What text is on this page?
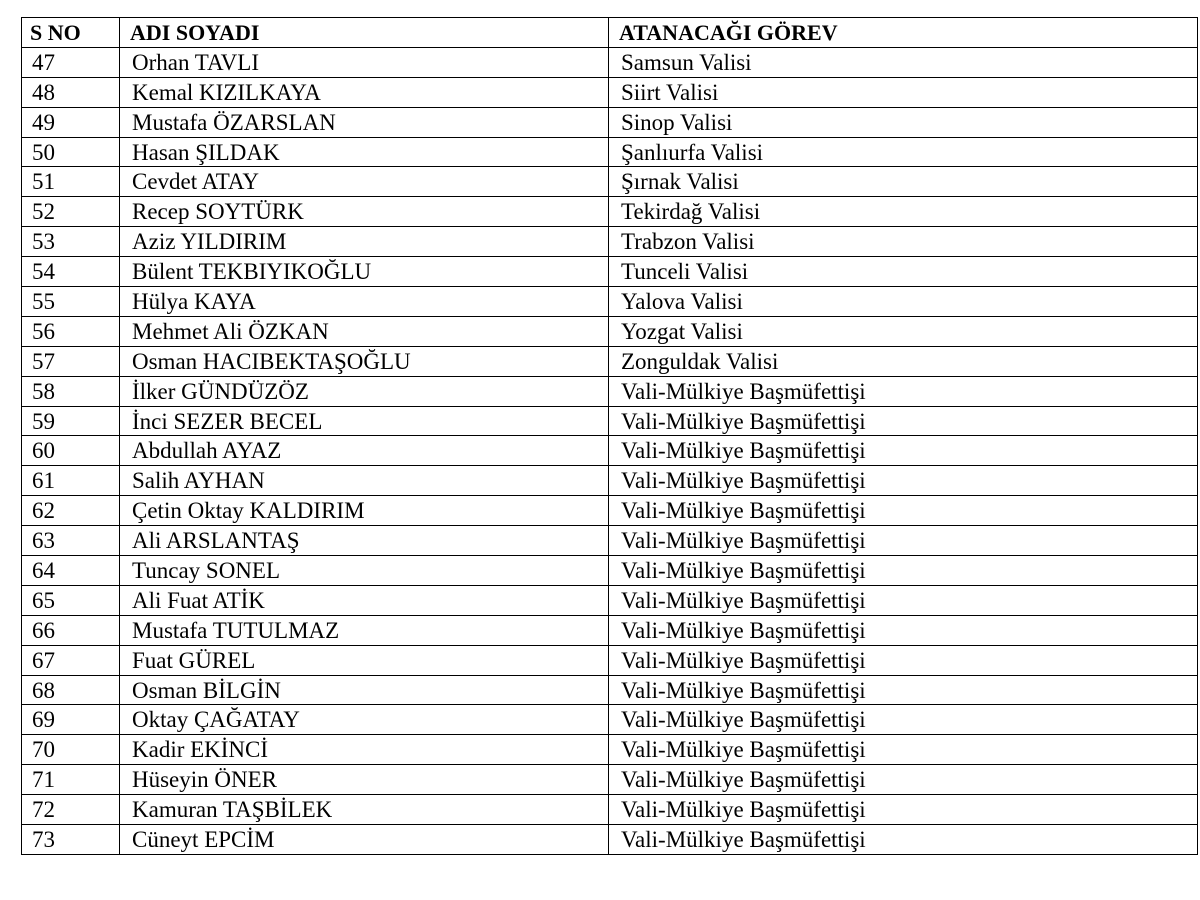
S NO	ADI SOYADI	ATANACAĞI GÖREV
47	Orhan TAVLI	Samsun Valisi
48	Kemal KIZILKAYA	Siirt Valisi
49	Mustafa ÖZARSLAN	Sinop Valisi
50	Hasan ŞILDAK	Şanlıurfa Valisi
51	Cevdet ATAY	Şırnak Valisi
52	Recep SOYTÜRK	Tekirdağ Valisi
53	Aziz YILDIRIM	Trabzon Valisi
54	Bülent TEKBIYIKOĞLU	Tunceli Valisi
55	Hülya KAYA	Yalova Valisi
56	Mehmet Ali ÖZKAN	Yozgat Valisi
57	Osman HACIBEKTAŞOĞLU	Zonguldak Valisi
58	İlker GÜNDÜZÖZ	Vali-Mülkiye Başmüfettişi
59	İnci SEZER BECEL	Vali-Mülkiye Başmüfettişi
60	Abdullah AYAZ	Vali-Mülkiye Başmüfettişi
61	Salih AYHAN	Vali-Mülkiye Başmüfettişi
62	Çetin Oktay KALDIRIM	Vali-Mülkiye Başmüfettişi
63	Ali ARSLANTAŞ	Vali-Mülkiye Başmüfettişi
64	Tuncay SONEL	Vali-Mülkiye Başmüfettişi
65	Ali Fuat ATİK	Vali-Mülkiye Başmüfettişi
66	Mustafa TUTULMAZ	Vali-Mülkiye Başmüfettişi
67	Fuat GÜREL	Vali-Mülkiye Başmüfettişi
68	Osman BİLGİN	Vali-Mülkiye Başmüfettişi
69	Oktay ÇAĞATAY	Vali-Mülkiye Başmüfettişi
70	Kadir EKİNCİ	Vali-Mülkiye Başmüfettişi
71	Hüseyin ÖNER	Vali-Mülkiye Başmüfettişi
72	Kamuran TAŞBİLEK	Vali-Mülkiye Başmüfettişi
73	Cüneyt EPCİM	Vali-Mülkiye Başmüfettişi
